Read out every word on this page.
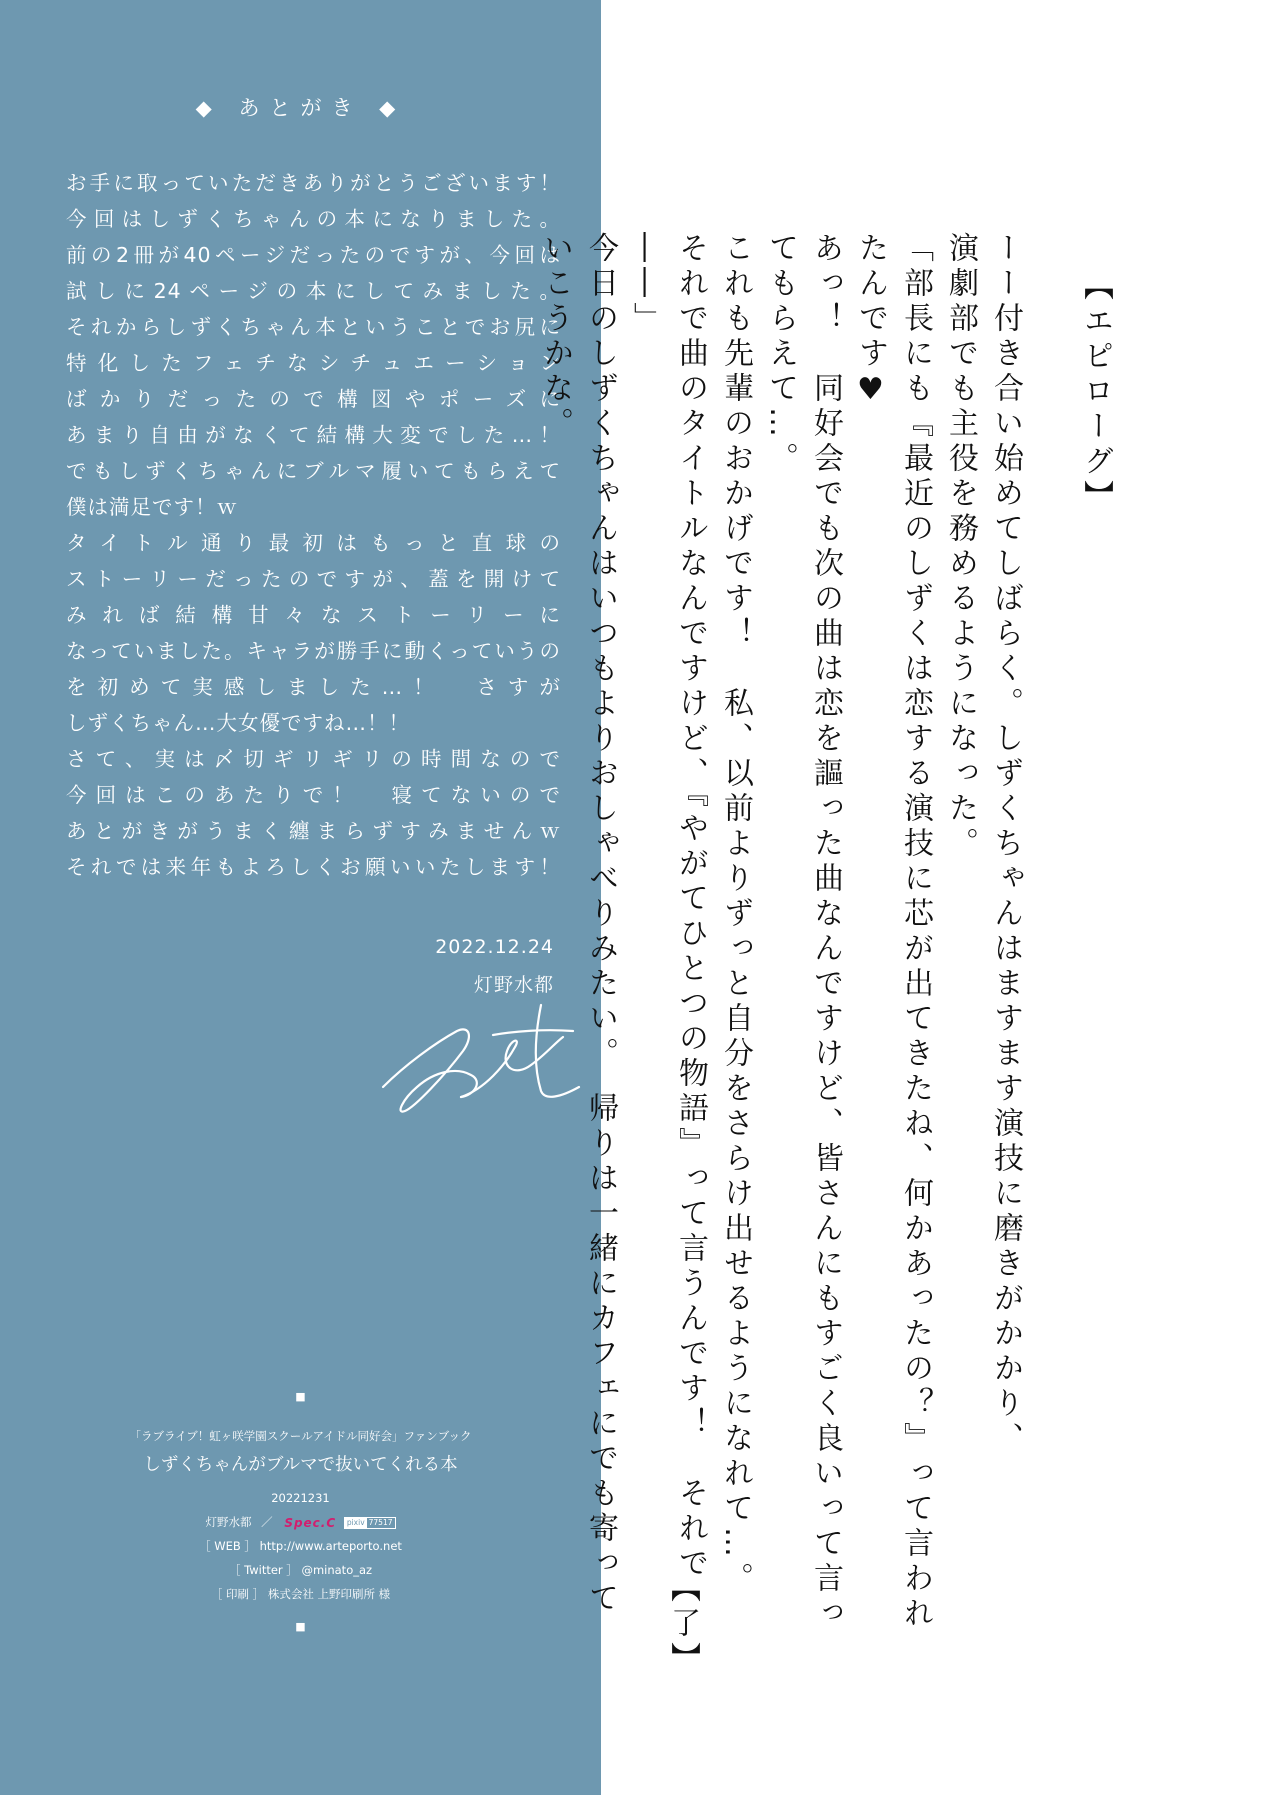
◆ あとがき ◆
お手に取っていただきありがとうございます！
今回はしずくちゃんの本になりました。
前の2冊が40ページだったのですが、今回は
試しに24ページの本にしてみました。
それからしずくちゃん本ということでお尻に
特化したフェチなシチュエーション
ばかりだったので構図やポーズに
あまり自由がなくて結構大変でした…！
でもしずくちゃんにブルマ履いてもらえて
僕は満足です！ｗ
タイトル通り最初はもっと直球の
ストーリーだったのですが、蓋を開けて
みれば結構甘々なストーリーに
なっていました。キャラが勝手に動くっていうの
を初めて実感しました…！　さすが
しずくちゃん…大女優ですね…！！
さて、実は〆切ギリギリの時間なので
今回はこのあたりで！　寝てないので
あとがきがうまく纏まらずすみませんｗ
それでは来年もよろしくお願いいたします！
2022.12.24
灯野水都
■
「ラブライブ！虹ヶ咲学園スクールアイドル同好会」ファンブック
しずくちゃんがブルマで抜いてくれる本
20221231
灯野水都 ／ Spec.C pixiv 77517
［ WEB ］ http://www.arteporto.net
［ Twitter ］ @minato_az
［ 印刷 ］ 株式会社 上野印刷所 様
■
【エピローグ】
ーー付き合い始めてしばらく。しずくちゃんはますます演技に磨きがかかり、
演劇部でも主役を務めるようになった。
「部長にも『最近のしずくは恋する演技に芯が出てきたね、何かあったの？』って言われたんです♥
あっ！　同好会でも次の曲は恋を謳った曲なんですけど、皆さんにもすごく良いって言ってもらえて…。
これも先輩のおかげです！　私、以前よりずっと自分をさらけ出せるようになれて…。
それで曲のタイトルなんですけど、『やがてひとつの物語』って言うんです！　それで――」
今日のしずくちゃんはいつもよりおしゃべりみたい。　帰りは一緒にカフェにでも寄っていこうかな。
【了】
